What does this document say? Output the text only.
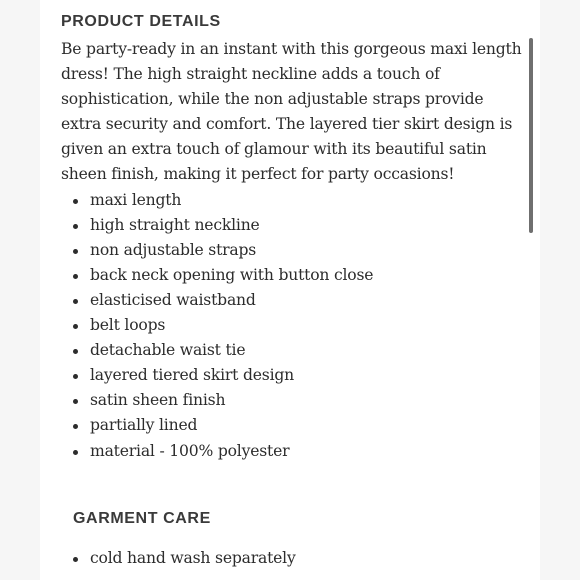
PRODUCT DETAILS

Be party-ready in an instant with this gorgeous maxi length dress! The high straight neckline adds a touch of sophistication, while the non adjustable straps provide extra security and comfort. The layered tier skirt design is given an extra touch of glamour with its beautiful satin sheen finish, making it perfect for party occasions!

maxi length
high straight neckline
non adjustable straps
back neck opening with button close
elasticised waistband
belt loops
detachable waist tie
layered tiered skirt design
satin sheen finish
partially lined
material - 100% polyester
GARMENT CARE
cold hand wash separately
